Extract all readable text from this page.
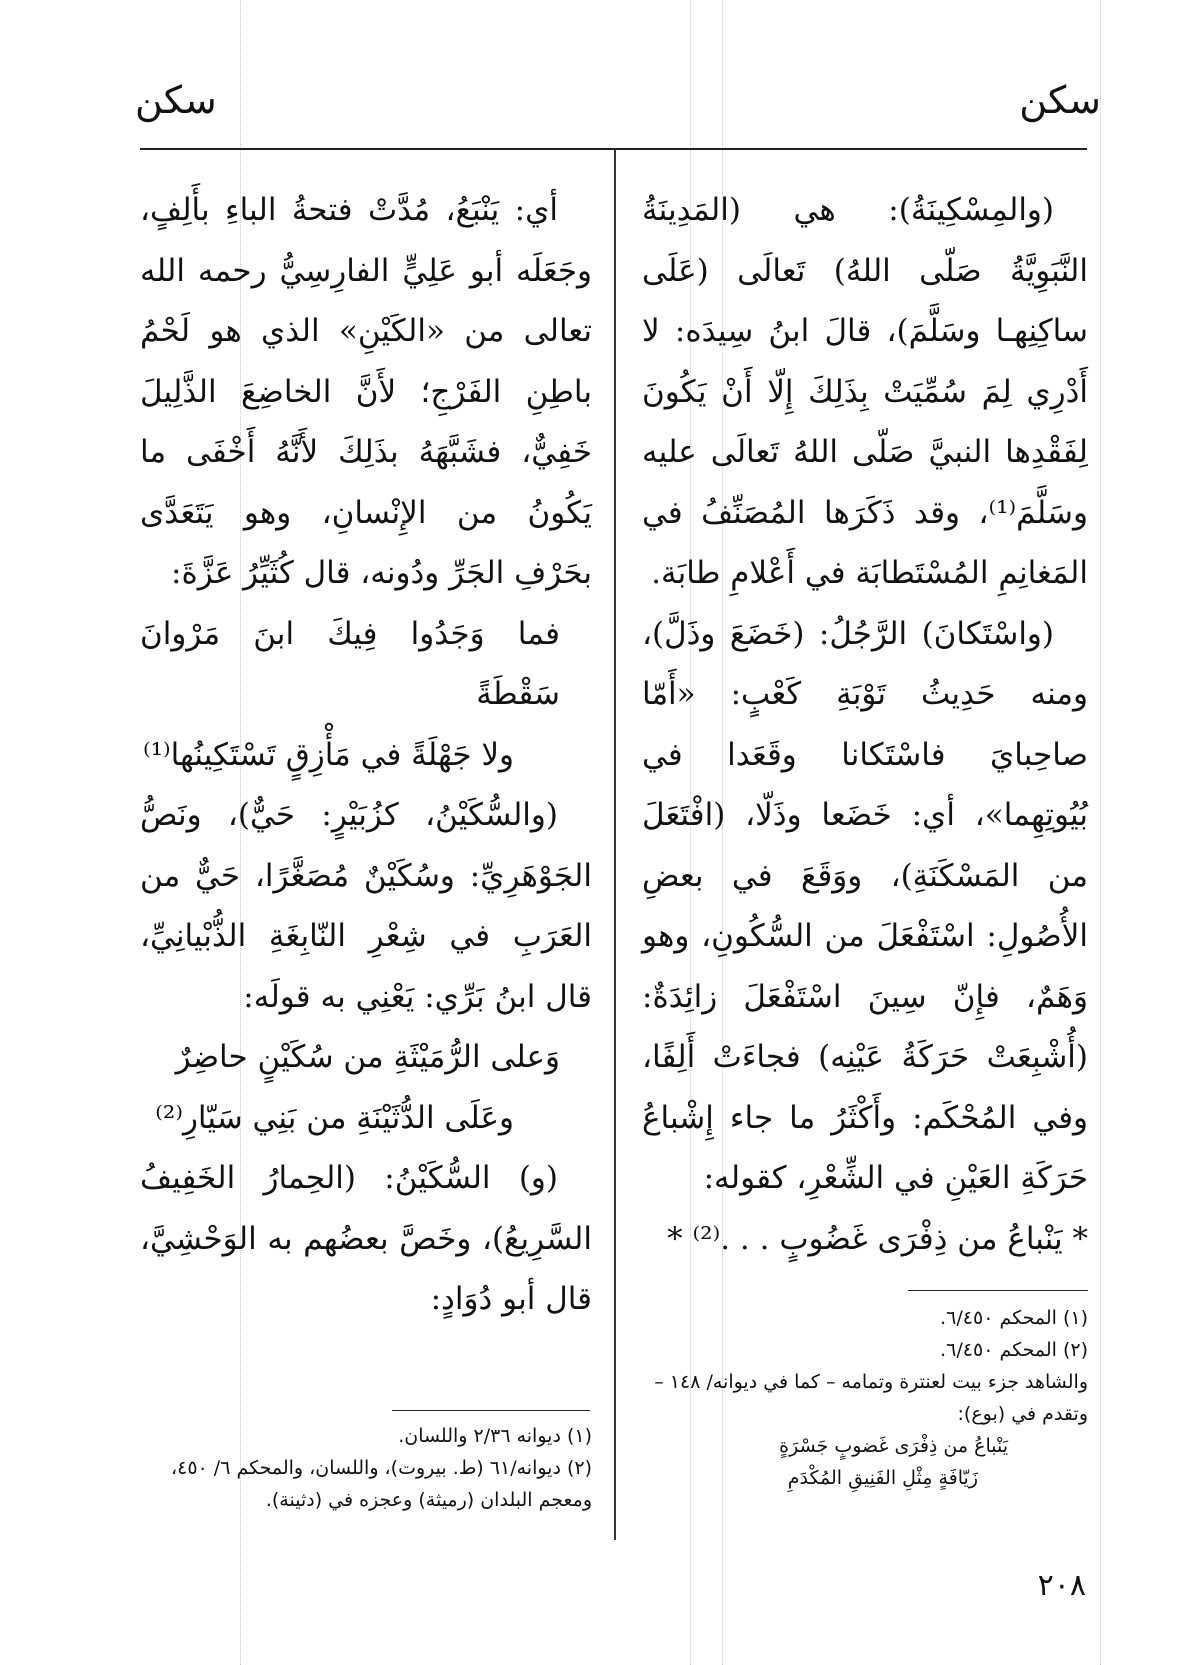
سكن
سكن

(والمِسْكِينَةُ): هي (المَدِينَةُ النَّبَوِيَّةُ صَلّى اللهُ) تَعالَى (عَلَى ساكِنِهـا وسَلَّمَ)، قالَ ابنُ سِيدَه: لا أَدْرِي لِمَ سُمِّيَتْ بِذَلِكَ إِلّا أَنْ يَكُونَ لِفَقْدِها النبيَّ صَلّى اللهُ تَعالَى عليه وسَلَّمَ⁽¹⁾، وقد ذَكَرَها المُصَنِّفُ في المَغانِمِ المُسْتَطابَة في أَعْلامِ طابَة.

(واسْتَكانَ) الرَّجُلُ: (خَضَعَ وذَلَّ)، ومنه حَدِيثُ تَوْبَةِ كَعْبٍ: «أَمّا صاحِبايَ فاسْتَكانا وقَعَدا في بُيُوتِهِما»، أي: خَضَعا وذَلّا، (افْتَعَلَ من المَسْكَنَةِ)، ووَقَعَ في بعضِ الأُصُولِ: اسْتَفْعَلَ من السُّكُونِ، وهو وَهَمٌ، فإِنّ سِينَ اسْتَفْعَلَ زائِدَةٌ: (أُشْبِعَتْ حَرَكَةُ عَيْنِه) فجاءَتْ أَلِفًا، وفي المُحْكَم: وأَكْثَرُ ما جاء إِشْباعُ حَرَكَةِ العَيْنِ في الشِّعْرِ، كقوله:

* يَنْباعُ من ذِفْرَى غَضُوبٍ . . .⁽²⁾ *

(١) المحكم ٦/٤٥٠.

(٢) المحكم ٦/٤٥٠.

والشاهد جزء بيت لعنترة وتمامه – كما في ديوانه/ ١٤٨ – وتقدم في (بوع):

يَنْباعُ من ذِفْرَى غَضوبٍ جَسْرَةٍ

زَيّافَةٍ مِثْلِ الفَنِيقِ المُكْدَمِ

أي: يَنْبَعُ، مُدَّتْ فتحةُ الباءِ بأَلِفٍ، وجَعَلَه أبو عَلِيٍّ الفارِسِيُّ رحمه الله تعالى من «الكَيْنِ» الذي هو لَحْمُ باطِنِ الفَرْجِ؛ لأَنَّ الخاضِعَ الذَّلِيلَ خَفِيٌّ، فشَبَّهَهُ بذَلِكَ لأَنَّهُ أَخْفَى ما يَكُونُ من الإِنْسانِ، وهو يَتَعَدَّى بحَرْفِ الجَرِّ ودُونه، قال كُثَيِّرُ عَزَّةَ:

فما وَجَدُوا فِيكَ ابنَ مَرْوانَ سَقْطَةً

ولا جَهْلَةً في مَأْزِقٍ تَسْتَكِينُها⁽¹⁾

(والسُّكَيْنُ، كزُبَيْرٍ: حَيٌّ)، ونَصُّ الجَوْهَرِيِّ: وسُكَيْنٌ مُصَغَّرًا، حَيٌّ من العَرَبِ في شِعْرِ النّابِغَةِ الذُّبْيانِيِّ، قال ابنُ بَرِّي: يَعْنِي به قولَه:

وَعلى الرُّمَيْثَةِ من سُكَيْنٍ حاضِرٌ

وعَلَى الدُّثَيْنَةِ من بَنِي سَيّارِ⁽²⁾

(و) السُّكَيْنُ: (الحِمارُ الخَفِيفُ السَّرِيعُ)، وخَصَّ بعضُهم به الوَحْشِيَّ، قال أبو دُوَادٍ:

(١) ديوانه ٢/٣٦ واللسان.

(٢) ديوانه/٦١ (ط. بيروت)، واللسان، والمحكم ٦/ ٤٥٠، ومعجم البلدان (رميثة) وعجزه في (دثينة).

٢٠٨
